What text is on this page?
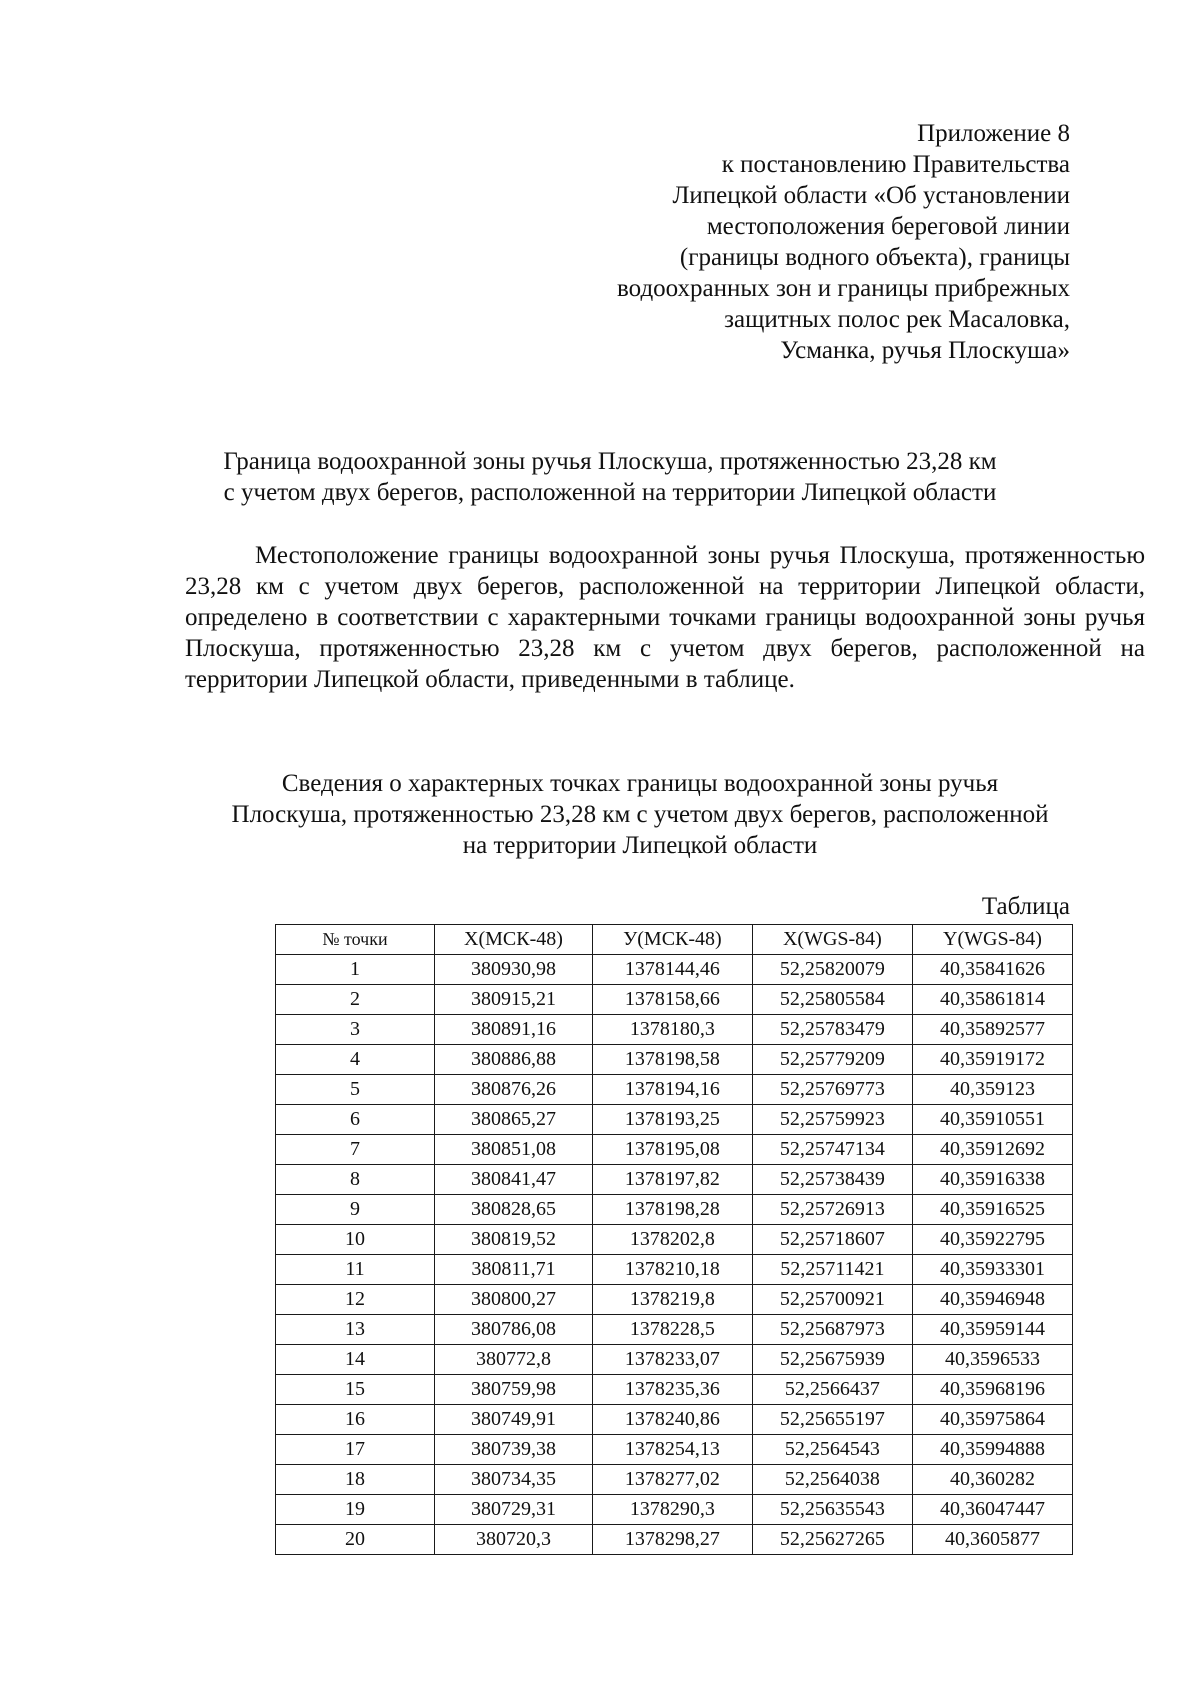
Приложение 8
к постановлению Правительства
Липецкой области «Об установлении
местоположения береговой линии
(границы водного объекта), границы
водоохранных зон и границы прибрежных
защитных полос рек Масаловка,
Усманка, ручья Плоскуша»
Граница водоохранной зоны ручья Плоскуша, протяженностью 23,28 км
с учетом двух берегов, расположенной на территории Липецкой области

Местоположение границы водоохранной зоны ручья Плоскуша, протяженностью 23,28 км с учетом двух берегов, расположенной на территории Липецкой области, определено в соответствии с характерными точками границы водоохранной зоны ручья Плоскуша, протяженностью 23,28 км с учетом двух берегов, расположенной на территории Липецкой области, приведенными в таблице.

Сведения о характерных точках границы водоохранной зоны ручья
Плоскуша, протяженностью 23,28 км с учетом двух берегов, расположенной
на территории Липецкой области
Таблица
№ точки	X(МСК-48)	У(МСК-48)	X(WGS-84)	Y(WGS-84)
1	380930,98	1378144,46	52,25820079	40,35841626
2	380915,21	1378158,66	52,25805584	40,35861814
3	380891,16	1378180,3	52,25783479	40,35892577
4	380886,88	1378198,58	52,25779209	40,35919172
5	380876,26	1378194,16	52,25769773	40,359123
6	380865,27	1378193,25	52,25759923	40,35910551
7	380851,08	1378195,08	52,25747134	40,35912692
8	380841,47	1378197,82	52,25738439	40,35916338
9	380828,65	1378198,28	52,25726913	40,35916525
10	380819,52	1378202,8	52,25718607	40,35922795
11	380811,71	1378210,18	52,25711421	40,35933301
12	380800,27	1378219,8	52,25700921	40,35946948
13	380786,08	1378228,5	52,25687973	40,35959144
14	380772,8	1378233,07	52,25675939	40,3596533
15	380759,98	1378235,36	52,2566437	40,35968196
16	380749,91	1378240,86	52,25655197	40,35975864
17	380739,38	1378254,13	52,2564543	40,35994888
18	380734,35	1378277,02	52,2564038	40,360282
19	380729,31	1378290,3	52,25635543	40,36047447
20	380720,3	1378298,27	52,25627265	40,3605877
